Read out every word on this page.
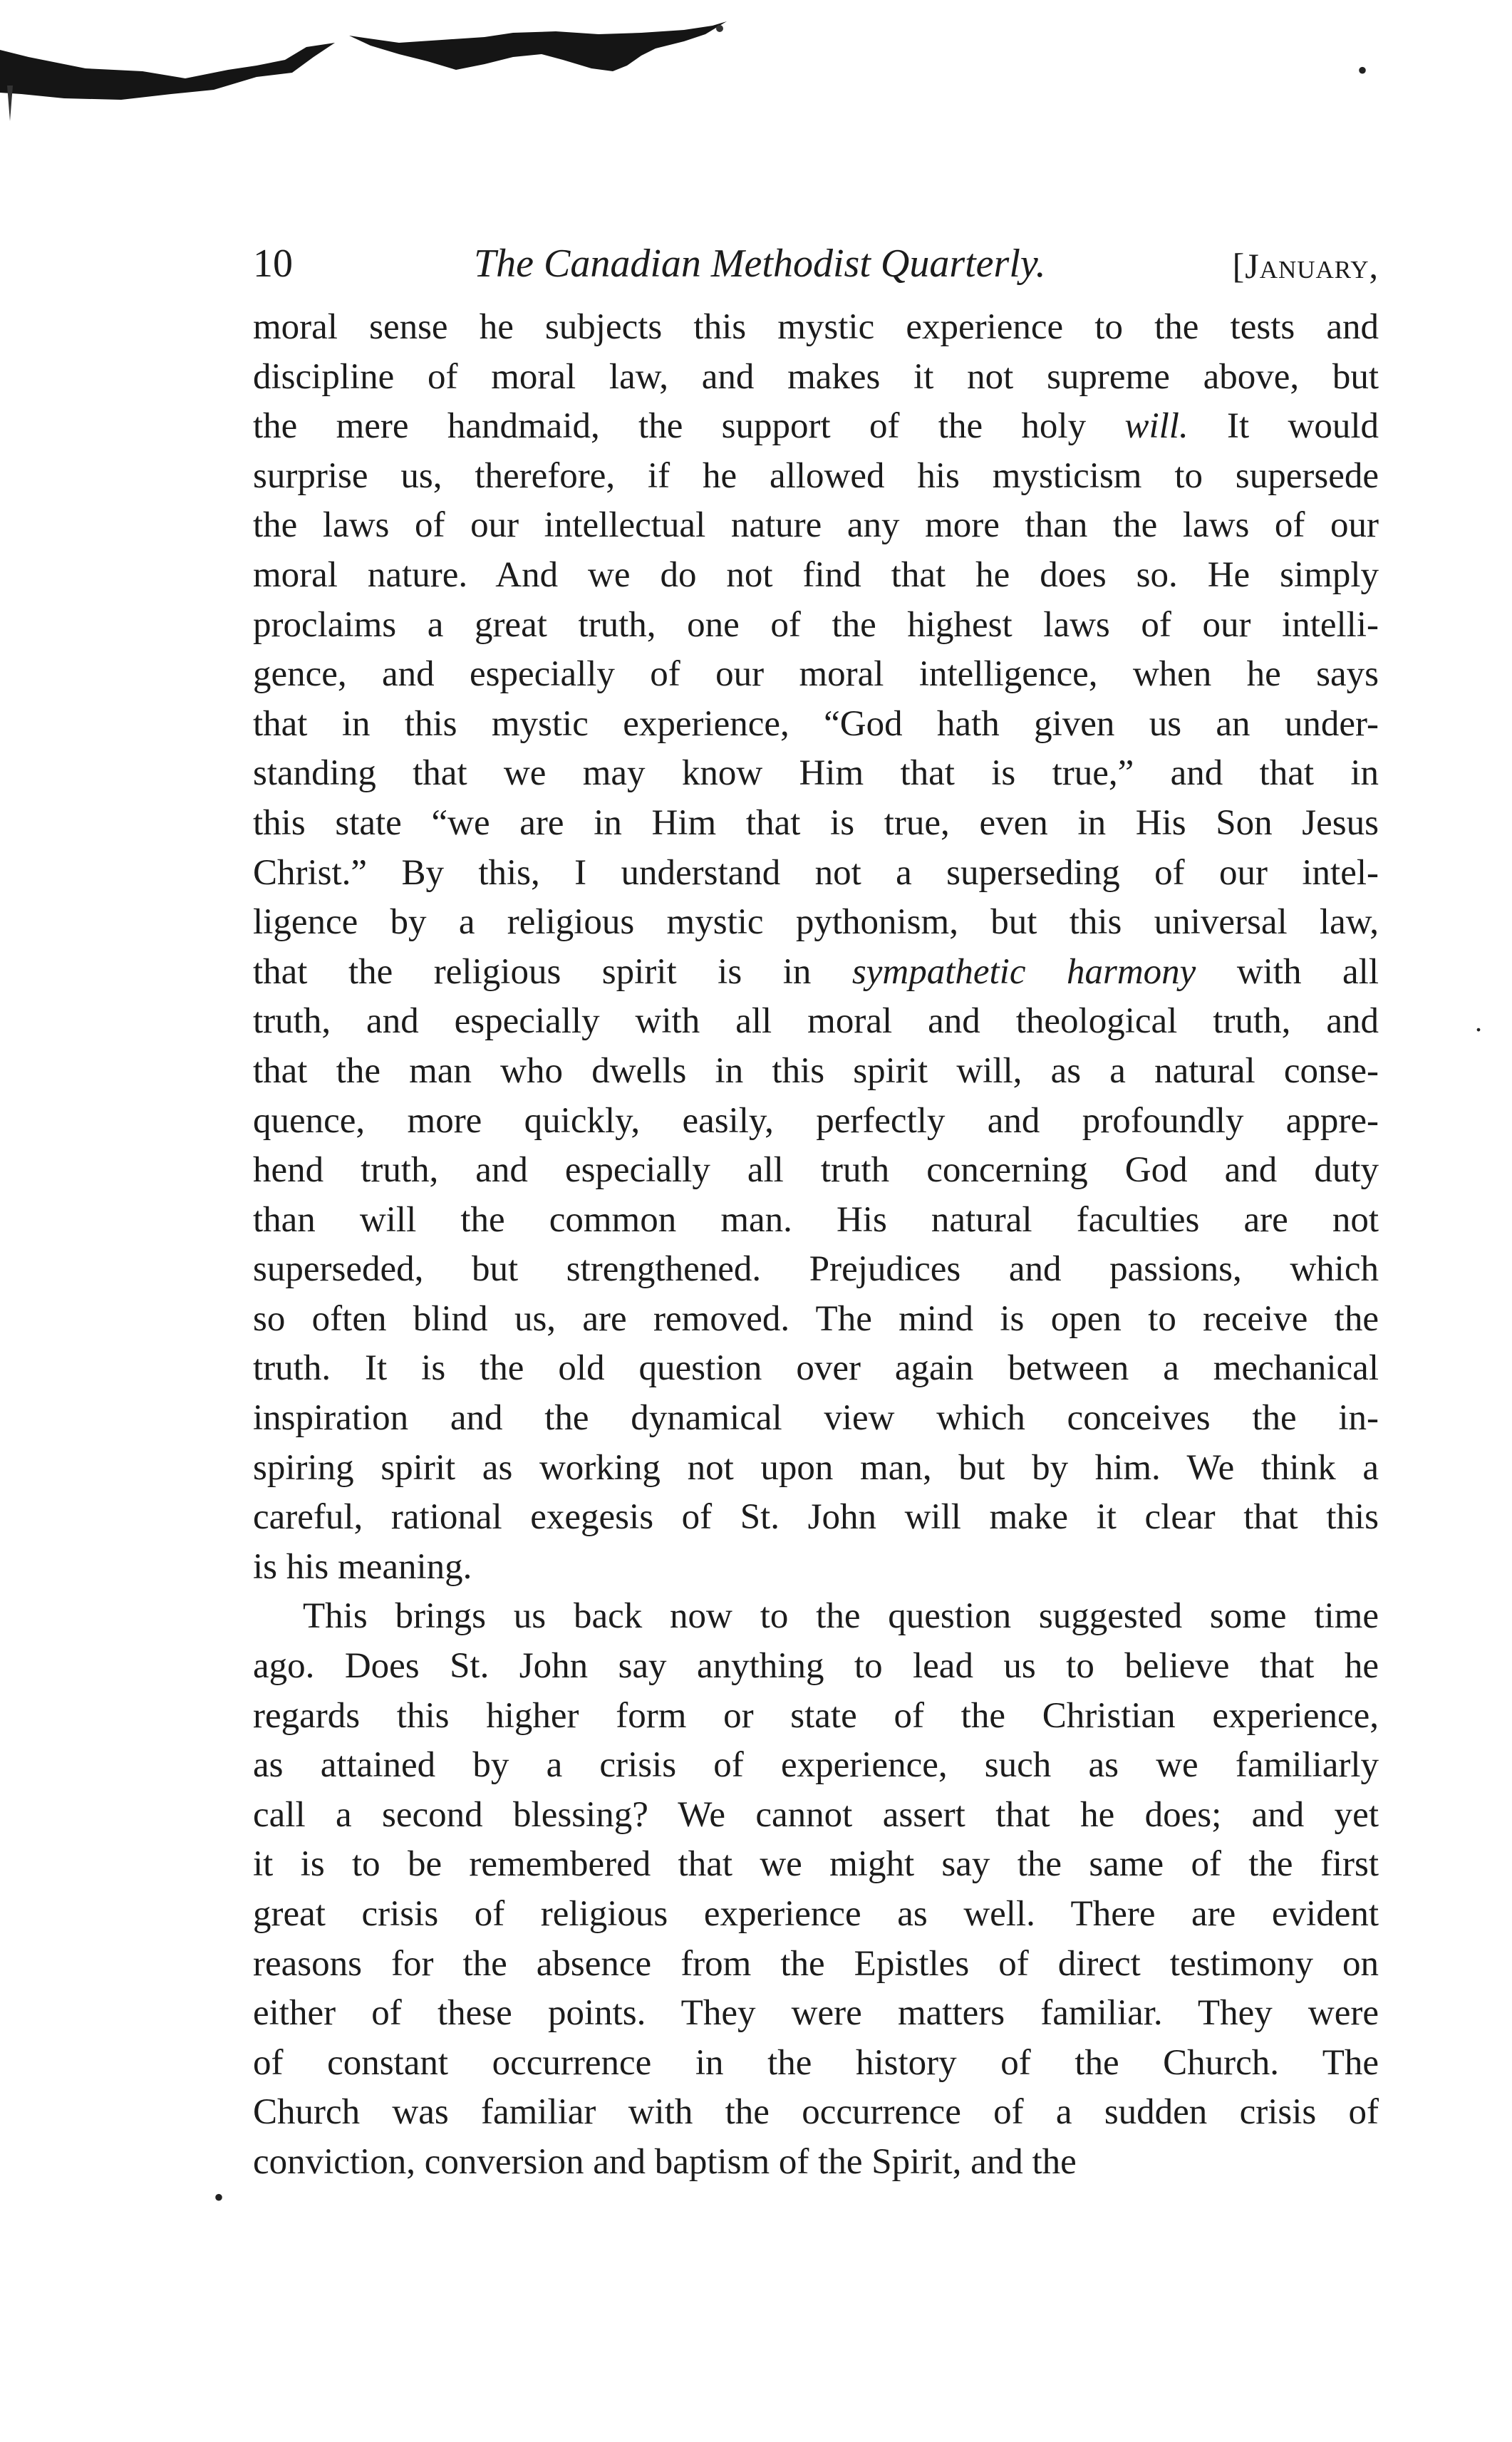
•
10	The Canadian Methodist Quarterly.	[January,
moral sense he subjects this mystic experience to the tests and
discipline of moral law, and makes it not supreme above, but
the mere handmaid, the support of the holy will. It would
surprise us, therefore, if he allowed his mysticism to supersede
the laws of our intellectual nature any more than the laws of our
moral nature. And we do not find that he does so. He simply
proclaims a great truth, one of the highest laws of our intelli-
gence, and especially of our moral intelligence, when he says
that in this mystic experience, “God hath given us an under-
standing that we may know Him that is true,” and that in
this state “we are in Him that is true, even in His Son Jesus
Christ.” By this, I understand not a superseding of our intel-
ligence by a religious mystic pythonism, but this universal law,
that the religious spirit is in sympathetic harmony with all
truth, and especially with all moral and theological truth, and
that the man who dwells in this spirit will, as a natural conse-
quence, more quickly, easily, perfectly and profoundly appre-
hend truth, and especially all truth concerning God and duty
than will the common man. His natural faculties are not
superseded, but strengthened. Prejudices and passions, which
so often blind us, are removed. The mind is open to receive the
truth. It is the old question over again between a mechanical
inspiration and the dynamical view which conceives the in-
spiring spirit as working not upon man, but by him. We think a
careful, rational exegesis of St. John will make it clear that this
is his meaning.
This brings us back now to the question suggested some time
ago. Does St. John say anything to lead us to believe that he
regards this higher form or state of the Christian experience,
as attained by a crisis of experience, such as we familiarly
call a second blessing? We cannot assert that he does; and yet
it is to be remembered that we might say the same of the first
great crisis of religious experience as well. There are evident
reasons for the absence from the Epistles of direct testimony on
either of these points. They were matters familiar. They were
of constant occurrence in the history of the Church. The
Church was familiar with the occurrence of a sudden crisis of
conviction, conversion and baptism of the Spirit, and the
.
•
